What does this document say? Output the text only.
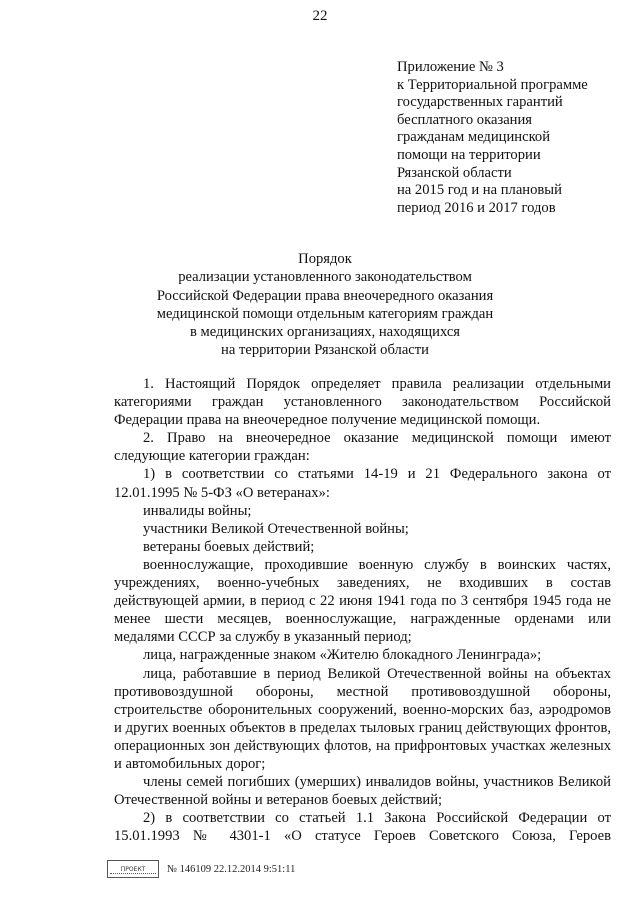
22
Приложение № 3
к Территориальной программе
государственных гарантий
бесплатного оказания
гражданам медицинской
помощи на территории
Рязанской области
на 2015 год и на плановый
период 2016 и 2017 годов
Порядок
реализации установленного законодательством
Российской Федерации права внеочередного оказания
медицинской помощи отдельным категориям граждан
в медицинских организациях, находящихся
на территории Рязанской области
1. Настоящий Порядок определяет правила реализации отдельными категориями граждан установленного законодательством Российской Федерации права на внеочередное получение медицинской помощи.
2. Право на внеочередное оказание медицинской помощи имеют
следующие категории граждан:
1) в соответствии со статьями 14-19 и 21 Федерального закона от
12.01.1995 № 5-ФЗ «О ветеранах»:
инвалиды войны;
участники Великой Отечественной войны;
ветераны боевых действий;
военнослужащие, проходившие военную службу в воинских частях, учреждениях, военно-учебных заведениях, не входивших в состав действующей армии, в период с 22 июня 1941 года по 3 сентября 1945 года не менее шести месяцев, военнослужащие, награжденные орденами или медалями СССР за службу в указанный период;
лица, награжденные знаком «Жителю блокадного Ленинграда»;
лица, работавшие в период Великой Отечественной войны на объектах противовоздушной обороны, местной противовоздушной обороны, строительстве оборонительных сооружений, военно-морских баз, аэродромов и других военных объектов в пределах тыловых границ действующих фронтов, операционных зон действующих флотов, на прифронтовых участках железных и автомобильных дорог;
члены семей погибших (умерших) инвалидов войны, участников Великой Отечественной войны и ветеранов боевых действий;
2) в соответствии со статьей 1.1 Закона Российской Федерации от
15.01.1993 № 4301-1 «О статусе Героев Советского Союза, Героев
ПРОЕКТ № 146109 22.12.2014 9:51:11
